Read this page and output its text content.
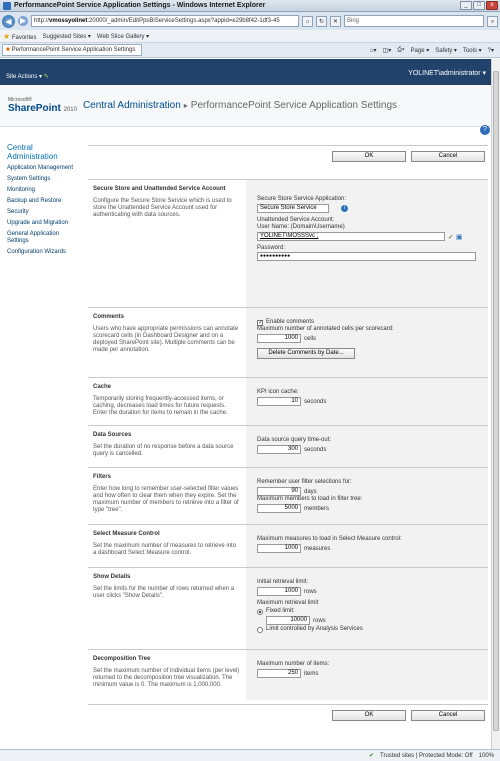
PerformancePoint Service Application Settings - Windows Internet Explorer	_	□	x
◀	▶	http:// vmossyolinet :20000/_admin/EditPpsBiServiceSettings.aspx?appid=e29b8f42-1df3-45	⌂	↻	✕	Bing	⌕
★ Favorites Suggested Sites ▾ Web Slice Gallery ▾
■ PerformancePoint Service Application Settings	⌂▾ ◫▾ ⎙▾ Page ▾ Safety ▾ Tools ▾ ?▾
Site Actions ▾ ✎	YOLINET\administrator ▾
Microsoft®
SharePoint 2010 Central Administration ▸ PerformancePoint Service Application Settings
?
Central Administration
Application Management
System Settings
Monitoring
Backup and Restore
Security
Upgrade and Migration
General Application Settings
Configuration Wizards
OK	Cancel
Secure Store and Unattended Service Account

Configure the Secure Store Service which is used to store the Unattended Service Account used for authenticating with data sources.

Secure Store Service Application:
Secure Store Service	i
Unattended Service Account:
User Name: (Domain\Username)
YOLINET\MOSSSvc ;	✓ ▣
Password:
●●●●●●●●●●
Comments

Users who have appropriate permissions can annotate scorecard cells (in Dashboard Designer and on a deployed SharePoint site). Multiple comments can be made per annotation.

✓ Enable comments
Maximum number of annotated cells per scorecard:
1000	cells
Delete Comments by Date...
Cache

Temporarily storing frequently-accessed items, or caching, decreases load times for future requests. Enter the duration for items to remain in the cache.

KPI icon cache:
10	seconds
Data Sources

Set the duration of no response before a data source query is cancelled.

Data source query time-out:
300	seconds
Filters

Enter how long to remember user-selected filter values and how often to clear them when they expire. Set the maximum number of members to retrieve into a filter of type "tree".

Remember user filter selections for:
90	days
Maximum members to load in filter tree:
5000	members
Select Measure Control

Set the maximum number of measures to retrieve into a dashboard Select Measure control.

Maximum measures to load in Select Measure control:
1000	measures
Show Details

Set the limits for the number of rows returned when a user clicks "Show Details".

Initial retrieval limit:
1000	rows
Maximum retrieval limit
Fixed limit:
10000	rows
Limit controlled by Analysis Services
Decomposition Tree

Set the maximum number of individual items (per level) returned to the decomposition tree visualization. The minimum value is 0. The maximum is 1,000,000.

Maximum number of items:
250	items
OK	Cancel
✔ Trusted sites | Protected Mode: Off 100%
